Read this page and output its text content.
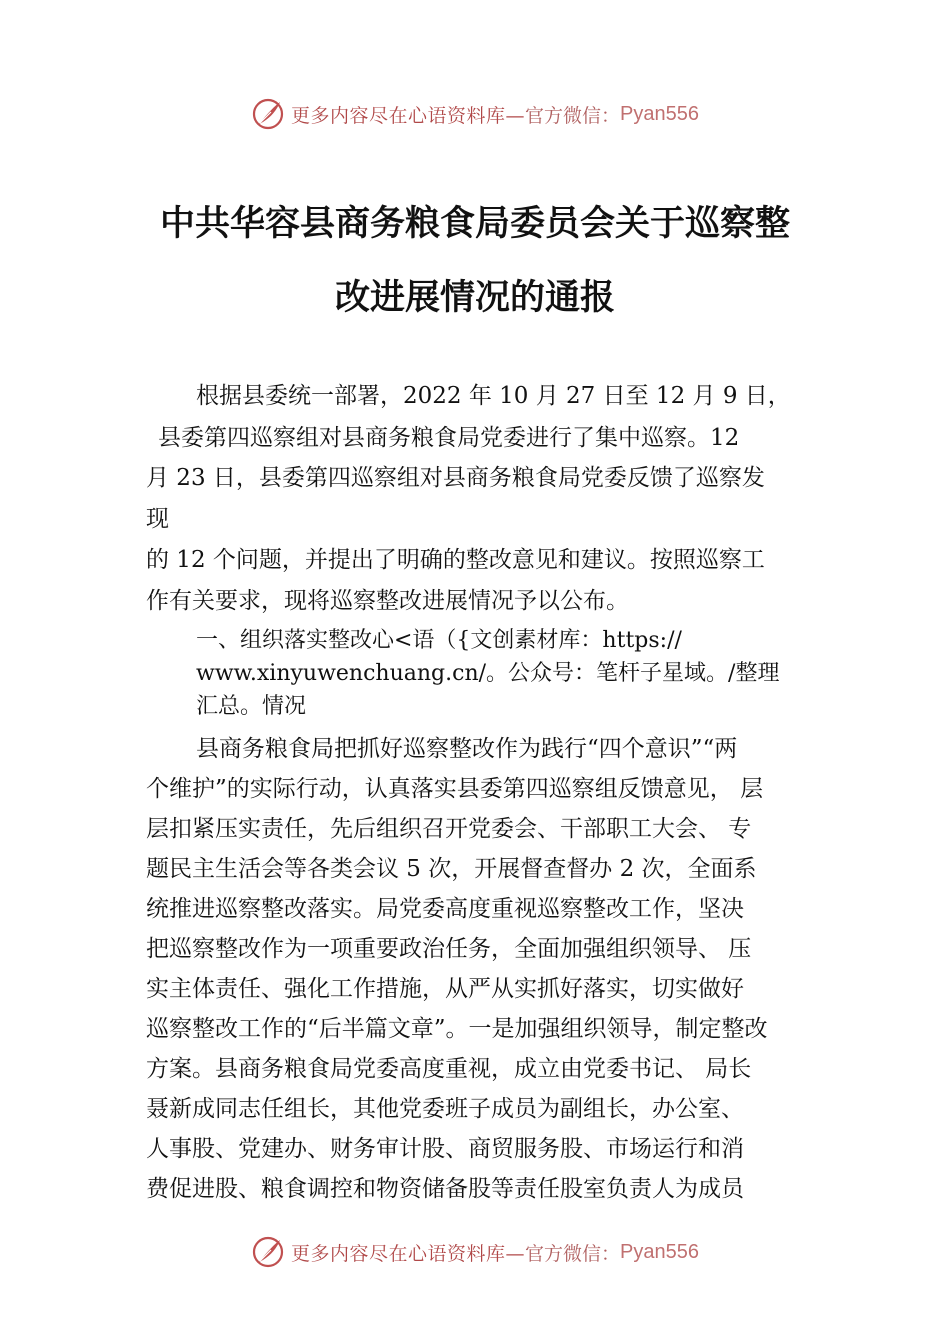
更多内容尽在心语资料库— 官方微信： Pyan556
中共华容县商务粮食局委员会关于巡察整
改进展情况的通报
根据县委统一部署，2022 年 10 月 27 日至 12 月 9 日，
县委第四巡察组对县商务粮食局党委进行了集中巡察。12
月 23 日，县委第四巡察组对县商务粮食局党委反馈了巡察发
现
的 12 个问题，并提出了明确的整改意见和建议。按照巡察工
作有关要求，现将巡察整改进展情况予以公布。
一、组织落实整改心<语（{文创素材库：https://
www.xinyuwenchuang.cn/。公众号：笔杆子星域。/整理
汇总。情况
县商务粮食局把抓好巡察整改作为践行“四个意识”“两
个维护”的实际行动，认真落实县委第四巡察组反馈意见， 层
层扣紧压实责任，先后组织召开党委会、干部职工大会、 专
题民主生活会等各类会议 5 次，开展督查督办 2 次，全面系
统推进巡察整改落实。局党委高度重视巡察整改工作，坚决
把巡察整改作为一项重要政治任务，全面加强组织领导、 压
实主体责任、强化工作措施，从严从实抓好落实，切实做好
巡察整改工作的“后半篇文章”。一是加强组织领导，制定整改
方案。县商务粮食局党委高度重视，成立由党委书记、 局长
聂新成同志任组长，其他党委班子成员为副组长，办公室、
人事股、党建办、财务审计股、商贸服务股、市场运行和消
费促进股、粮食调控和物资储备股等责任股室负责人为成员
更多内容尽在心语资料库— 官方微信： Pyan556
